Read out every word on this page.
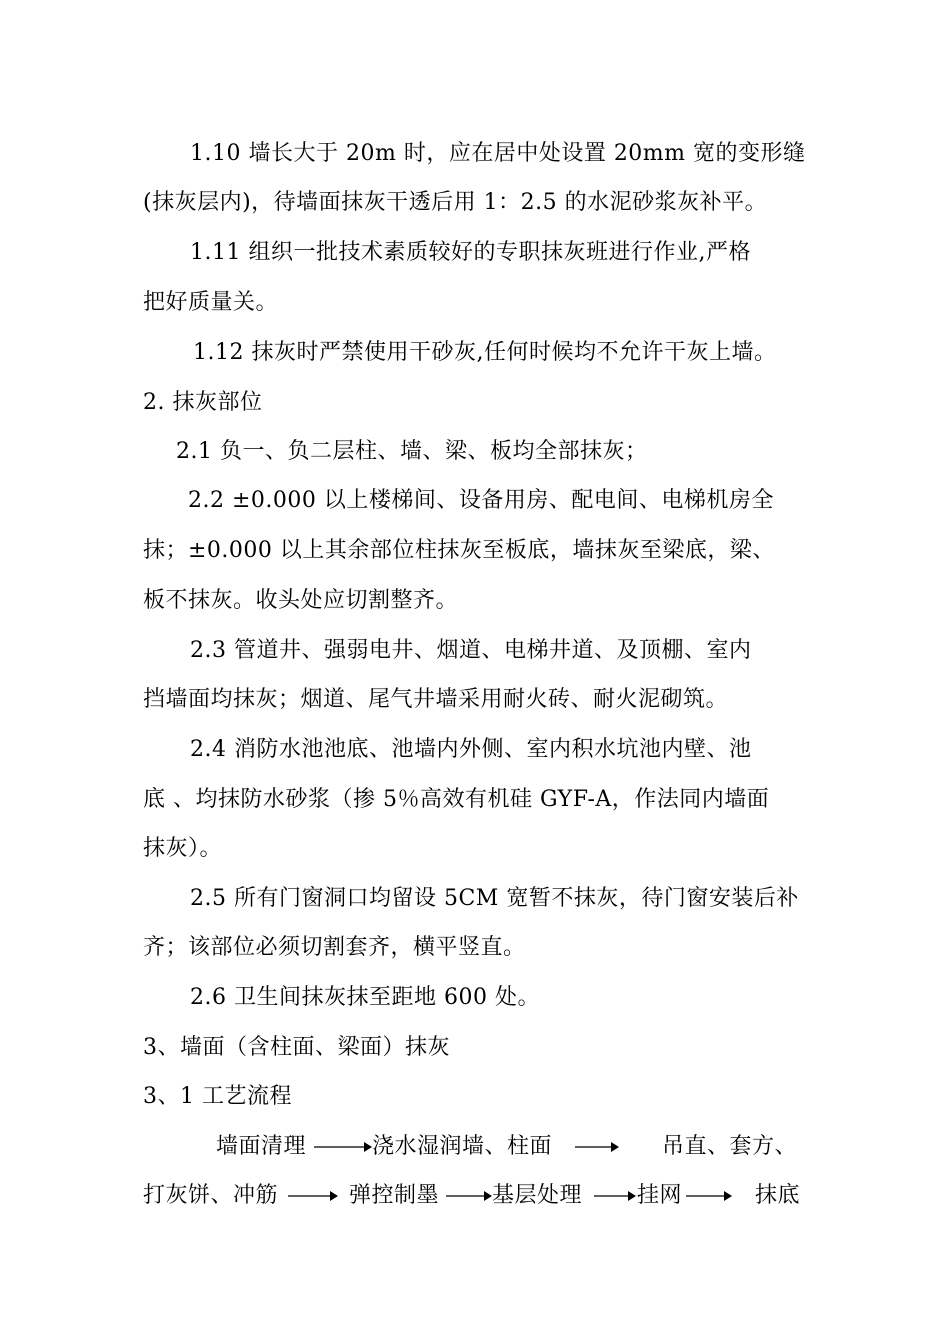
1.10 墙长大于 20m 时，应在居中处设置 20mm 宽的变形缝
(抹灰层内)，待墙面抹灰干透后用 1：2.5 的水泥砂浆灰补平。
1.11 组织一批技术素质较好的专职抹灰班进行作业,严格
把好质量关。
1.12 抹灰时严禁使用干砂灰,任何时候均不允许干灰上墙。
2. 抹灰部位
2.1 负一、负二层柱、墙、梁、板均全部抹灰；
2.2 ±0.000 以上楼梯间、设备用房、配电间、电梯机房全
抹；±0.000 以上其余部位柱抹灰至板底，墙抹灰至梁底，梁、
板不抹灰。收头处应切割整齐。
2.3 管道井、强弱电井、烟道、电梯井道、及顶棚、室内
挡墙面均抹灰；烟道、尾气井墙采用耐火砖、耐火泥砌筑。
2.4 消防水池池底、池墙内外侧、室内积水坑池内壁、池
底 、均抹防水砂浆（掺 5％高效有机硅 GYF-A，作法同内墙面
抹灰）。
2.5 所有门窗洞口均留设 5CM 宽暂不抹灰，待门窗安装后补
齐；该部位必须切割套齐，横平竖直。
2.6 卫生间抹灰抹至距地 600 处。
3、墙面（含柱面、梁面）抹灰
3、1 工艺流程
墙面清理	浇水湿润墙、柱面	吊直、套方、
打灰饼、冲筋	弹控制墨 基层处理 挂网	抹底
